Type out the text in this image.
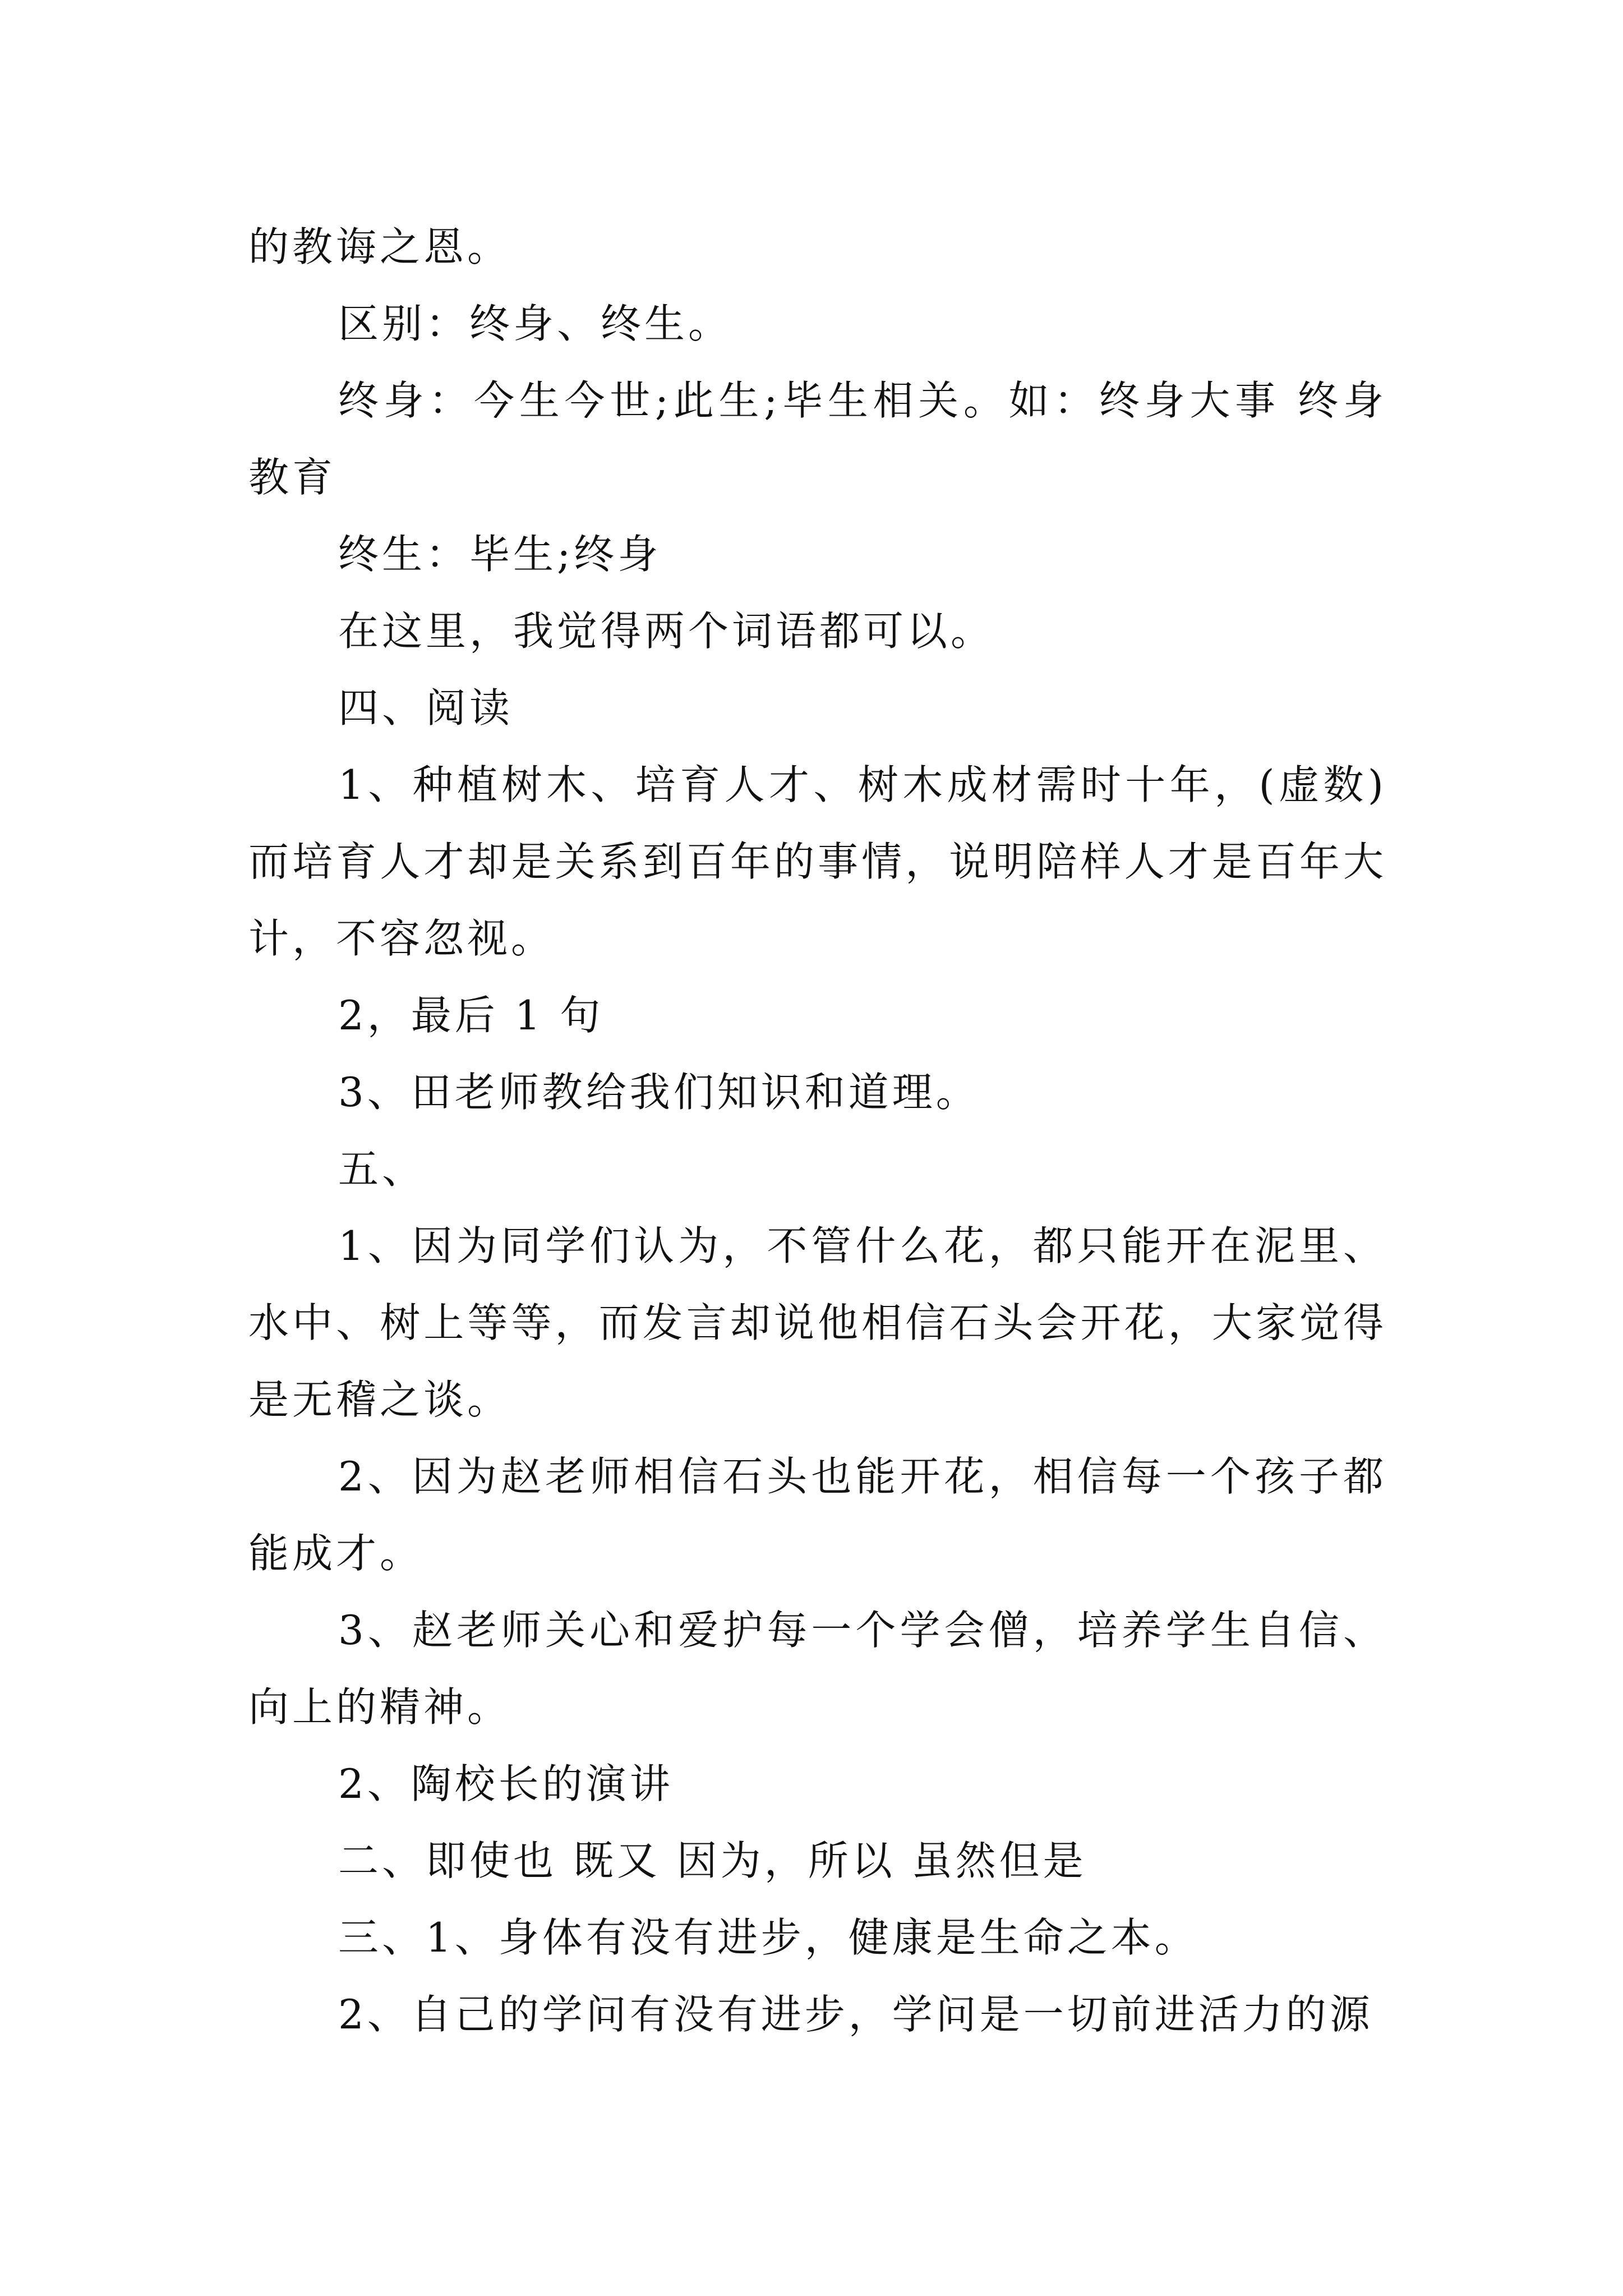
的教诲之恩。

区别：终身、终生。

终身：今生今世;此生;毕生相关。如：终身大事 终身教育

终生：毕生;终身

在这里，我觉得两个词语都可以。

四、阅读

1、种植树木、培育人才、树木成材需时十年，(虚数)而培育人才却是关系到百年的事情，说明陪样人才是百年大计，不容忽视。

2，最后 1 句

3、田老师教给我们知识和道理。

五、

1、因为同学们认为，不管什么花，都只能开在泥里、水中、树上等等，而发言却说他相信石头会开花，大家觉得是无稽之谈。

2、因为赵老师相信石头也能开花，相信每一个孩子都能成才。

3、赵老师关心和爱护每一个学会僧，培养学生自信、向上的精神。

2、陶校长的演讲

二、即使也 既又 因为，所以 虽然但是

三、1、身体有没有进步，健康是生命之本。

2、自己的学问有没有进步，学问是一切前进活力的源
